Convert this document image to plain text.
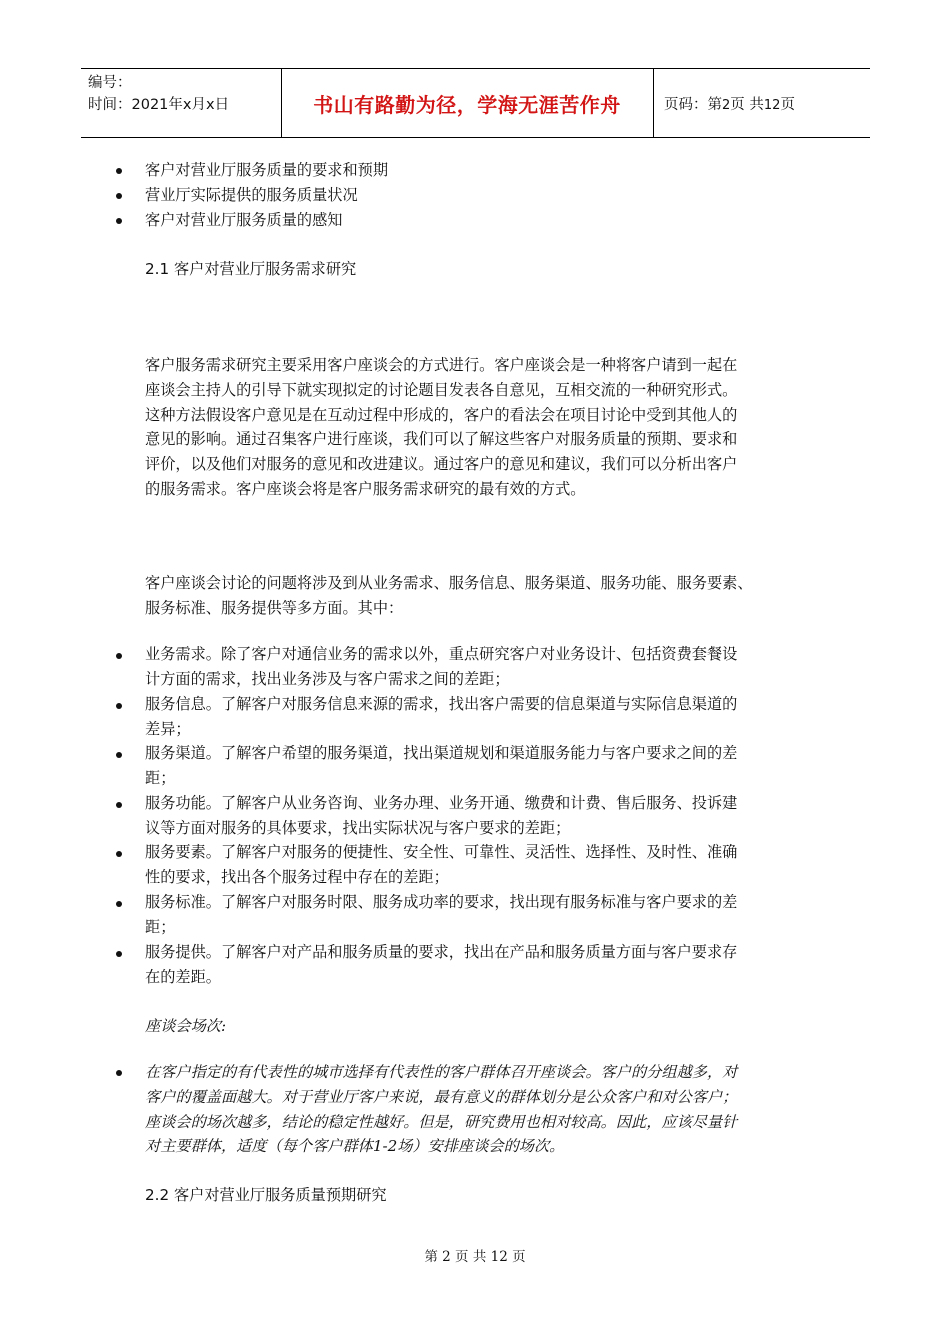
编号：
时间：2021年x月x日	书山有路勤为径，学海无涯苦作舟	页码：第2页 共12页

客户对营业厅服务质量的要求和预期

营业厅实际提供的服务质量状况

客户对营业厅服务质量的感知

2.1 客户对营业厅服务需求研究

客户服务需求研究主要采用客户座谈会的方式进行。客户座谈会是一种将客户请到一起在

座谈会主持人的引导下就实现拟定的讨论题目发表各自意见，互相交流的一种研究形式。

这种方法假设客户意见是在互动过程中形成的，客户的看法会在项目讨论中受到其他人的

意见的影响。通过召集客户进行座谈，我们可以了解这些客户对服务质量的预期、要求和

评价，以及他们对服务的意见和改进建议。通过客户的意见和建议，我们可以分析出客户

的服务需求。客户座谈会将是客户服务需求研究的最有效的方式。

客户座谈会讨论的问题将涉及到从业务需求、服务信息、服务渠道、服务功能、服务要素、

服务标准、服务提供等多方面。其中：

业务需求。除了客户对通信业务的需求以外，重点研究客户对业务设计、包括资费套餐设

计方面的需求，找出业务涉及与客户需求之间的差距；

服务信息。了解客户对服务信息来源的需求，找出客户需要的信息渠道与实际信息渠道的

差异；

服务渠道。了解客户希望的服务渠道，找出渠道规划和渠道服务能力与客户要求之间的差

距；

服务功能。了解客户从业务咨询、业务办理、业务开通、缴费和计费、售后服务、投诉建

议等方面对服务的具体要求，找出实际状况与客户要求的差距；

服务要素。了解客户对服务的便捷性、安全性、可靠性、灵活性、选择性、及时性、准确

性的要求，找出各个服务过程中存在的差距；

服务标准。了解客户对服务时限、服务成功率的要求，找出现有服务标准与客户要求的差

距；

服务提供。了解客户对产品和服务质量的要求，找出在产品和服务质量方面与客户要求存

在的差距。

座谈会场次:

在客户指定的有代表性的城市选择有代表性的客户群体召开座谈会。客户的分组越多，对

客户的覆盖面越大。对于营业厅客户来说，最有意义的群体划分是公众客户和对公客户；

座谈会的场次越多，结论的稳定性越好。但是，研究费用也相对较高。因此，应该尽量针

对主要群体，适度（每个客户群体1-2场）安排座谈会的场次。

2.2 客户对营业厅服务质量预期研究

第 2 页 共 12 页
